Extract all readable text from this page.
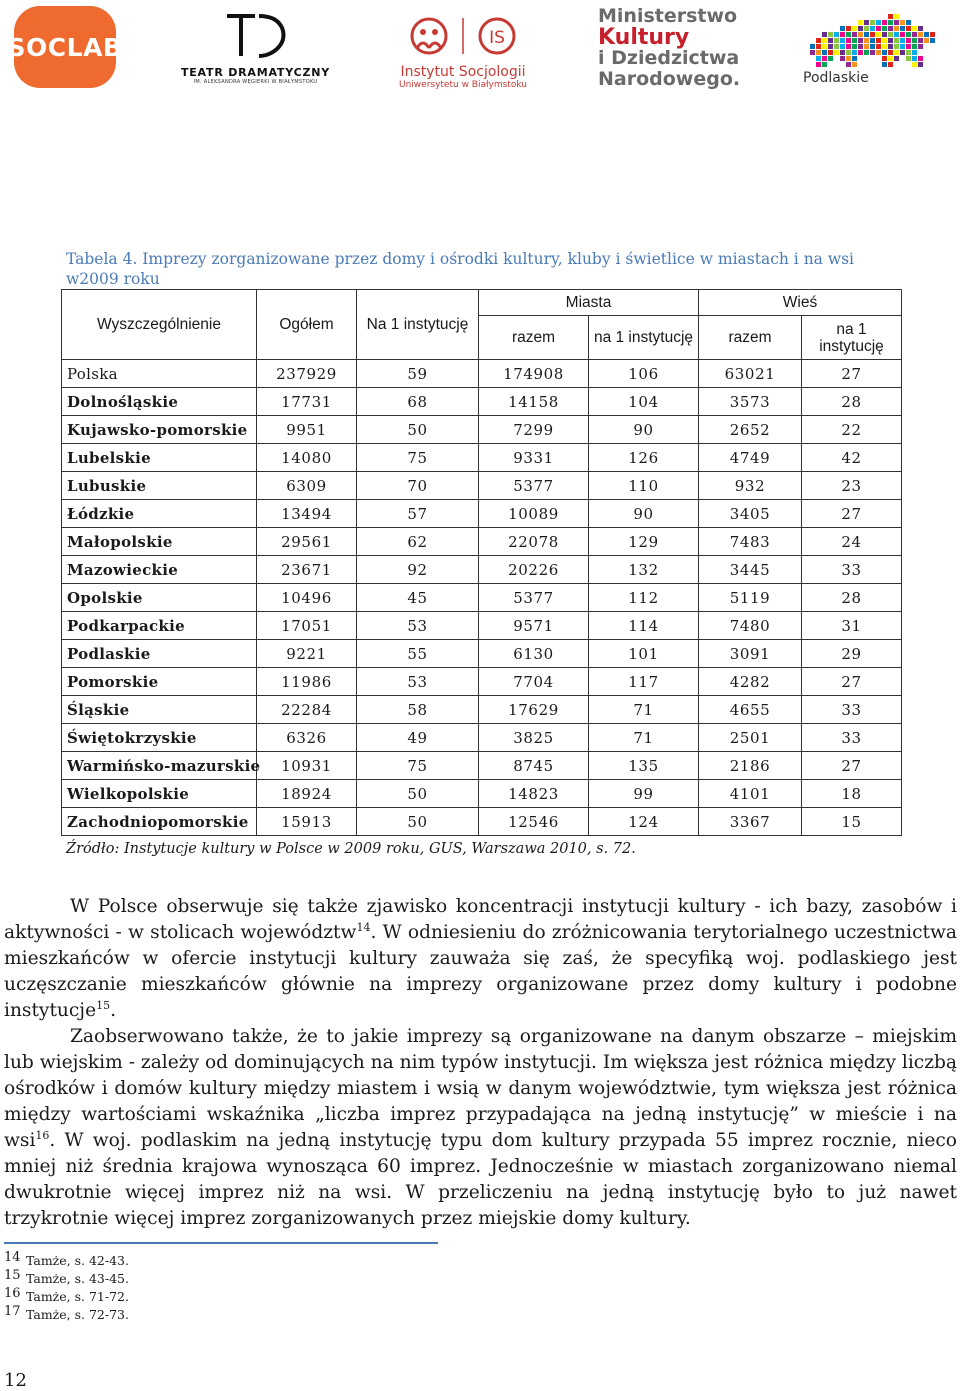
SOCLAB
TEATR DRAMATYCZNY
IM. ALEKSANDRA WĘGIERKI W BIAŁYMSTOKU
IS
Instytut Socjologii
Uniwersytetu w Białymstoku
Ministerstwo
Kultury
i Dziedzictwa
Narodowego.	Podlaskie
Tabela 4. Imprezy zorganizowane przez domy i ośrodki kultury, kluby i świetlice w miastach i na wsi w2009 roku
Wyszczególnienie	Ogółem	Na 1 instytucję	Miasta		Wieś	
			razem	na 1 instytucję	razem	na 1 instytucję
Polska	237929	59	174908	106	63021	27
Dolnośląskie	17731	68	14158	104	3573	28
Kujawsko-pomorskie	9951	50	7299	90	2652	22
Lubelskie	14080	75	9331	126	4749	42
Lubuskie	6309	70	5377	110	932	23
Łódzkie	13494	57	10089	90	3405	27
Małopolskie	29561	62	22078	129	7483	24
Mazowieckie	23671	92	20226	132	3445	33
Opolskie	10496	45	5377	112	5119	28
Podkarpackie	17051	53	9571	114	7480	31
Podlaskie	9221	55	6130	101	3091	29
Pomorskie	11986	53	7704	117	4282	27
Śląskie	22284	58	17629	71	4655	33
Świętokrzyskie	6326	49	3825	71	2501	33
Warmińsko-mazurskie	10931	75	8745	135	2186	27
Wielkopolskie	18924	50	14823	99	4101	18
Zachodniopomorskie	15913	50	12546	124	3367	15
Źródło: Instytucje kultury w Polsce w 2009 roku, GUS, Warszawa 2010, s. 72.

W Polsce obserwuje się także zjawisko koncentracji instytucji kultury - ich bazy, zasobów i aktywności - w stolicach województw$^{14}$. W odniesieniu do zróżnicowania terytorialnego uczestnictwa mieszkańców w ofercie instytucji kultury zauważa się zaś, że specyfiką woj. podlaskiego jest uczęszczanie mieszkańców głównie na imprezy organizowane przez domy kultury i podobne instytucje$^{15}$.

Zaobserwowano także, że to jakie imprezy są organizowane na danym obszarze – miejskim lub wiejskim - zależy od dominujących na nim typów instytucji. Im większa jest różnica między liczbą ośrodków i domów kultury między miastem i wsią w danym województwie, tym większa jest różnica między wartościami wskaźnika „liczba imprez przypadająca na jedną instytucję” w mieście i na wsi$^{16}$. W woj. podlaskim na jedną instytucję typu dom kultury przypada 55 imprez rocznie, nieco mniej niż średnia krajowa wynosząca 60 imprez. Jednocześnie w miastach zorganizowano niemal dwukrotnie więcej imprez niż na wsi. W przeliczeniu na jedną instytucję było to już nawet trzykrotnie więcej imprez zorganizowanych przez miejskie domy kultury.

14 Tamże, s. 42-43.
15 Tamże, s. 43-45.
16 Tamże, s. 71-72.
17 Tamże, s. 72-73.
12
